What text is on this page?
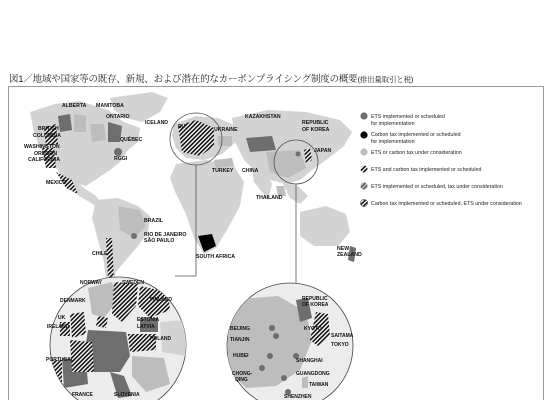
図1／地域や国家等の既存、新規、および潜在的なカーボンプライシング制度の概要(排出量取引と税)
ALBERTA MANITOBA
ONTARIO
QUÉBEC
BRITISH
COLUMBIA
WASHINGTON
OREGON
CALIFORNIA	RGGI
MEXICO
ICELAND
EU	UKRAINE
KAZAKHSTAN
REPUBLIC
OF KOREA
JAPAN
TURKEY CHINA
THAILAND
BRAZIL
CHILE
RIO DE JANEIRO
SÃO PAULO
SOUTH AFRICA
NEW
ZEALAND
ETS implemented or scheduled
for implementation
Carbon tax implemented or scheduled
for implementation
ETS or carbon tax under consideration
ETS and carbon tax implemented or scheduled
ETS implemented or scheduled, tax under consideration
Carbon tax implemented or scheduled, ETS under consideration
NORWAY	SWEDEN
DENMARK	FINLAND
UK
IRELAND
ESTONIA
LATVIA
POLAND
PORTUGAL
FRANCE	SLOVENIA
REPUBLIC
OF KOREA
BEIJING
TIANJIN
KYOTO
SAITAMA
TOKYO
HUBEI
SHANGHAI
CHONG-
QING
GUANGDONG
TAIWAN
SHENZHEN
